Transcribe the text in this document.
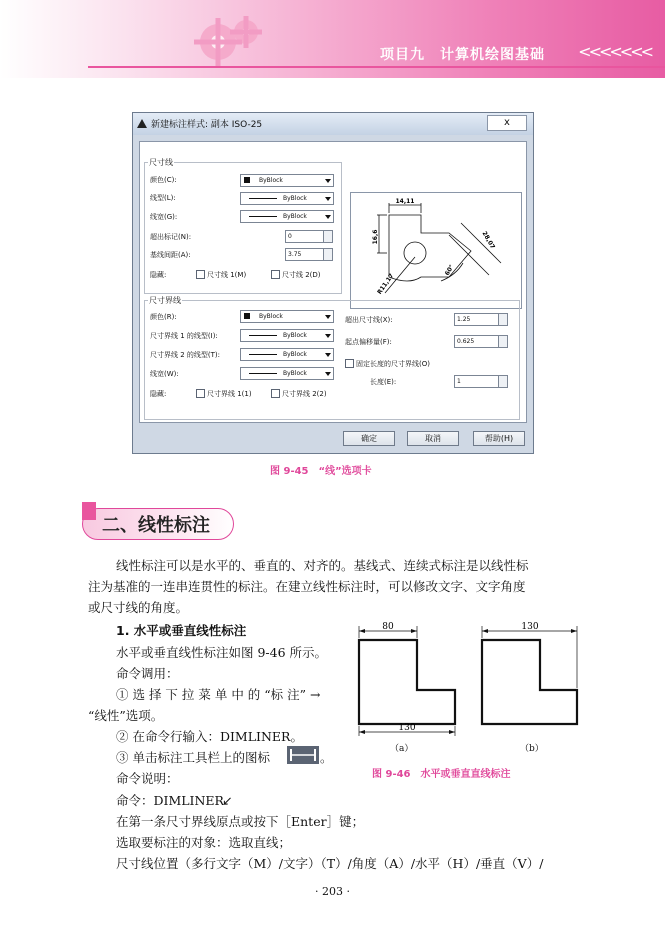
项目九　计算机绘图基础 <<<<<<<
新建标注样式: 副本 ISO-25	x
尺寸线
颜色(C):	ByBlock
线型(L):	ByBlock
线宽(G):	ByBlock
超出标记(N):	0
基线间距(A):	3.75
隐藏:	尺寸线 1(M)	尺寸线 2(D)
14,11
16,6	28,07
R11,17
60°
尺寸界线
颜色(R):	ByBlock
尺寸界线 1 的线型(I):	ByBlock
尺寸界线 2 的线型(T):	ByBlock
线宽(W):	ByBlock
隐藏:	尺寸界线 1(1)	尺寸界线 2(2)
超出尺寸线(X):	1.25
起点偏移量(F):	0.625
固定长度的尺寸界线(O)
长度(E):	1
确定	取消	帮助(H)
图 9-45　“线”选项卡
二、线性标注
线性标注可以是水平的、垂直的、对齐的。基线式、连续式标注是以线性标
注为基准的一连串连贯性的标注。在建立线性标注时，可以修改文字、文字角度
或尺寸线的角度。
1. 水平或垂直线性标注
水平或垂直线性标注如图 9-46 所示。
命令调用：
① 选 择 下 拉 菜 单 中 的 “标 注” →
“线性”选项。
② 在命令行输入：DIMLINER。
③ 单击标注工具栏上的图标	。
命令说明：
80
130
130
（a）	（b）
图 9-46　水平或垂直直线标注
命令：DIMLINER
↙
在第一条尺寸界线原点或按下［Enter］键；
选取要标注的对象：选取直线；
尺寸线位置（多行文字（M）/文字）（T）/角度（A）/水平（H）/垂直（V）/
· 203 ·
